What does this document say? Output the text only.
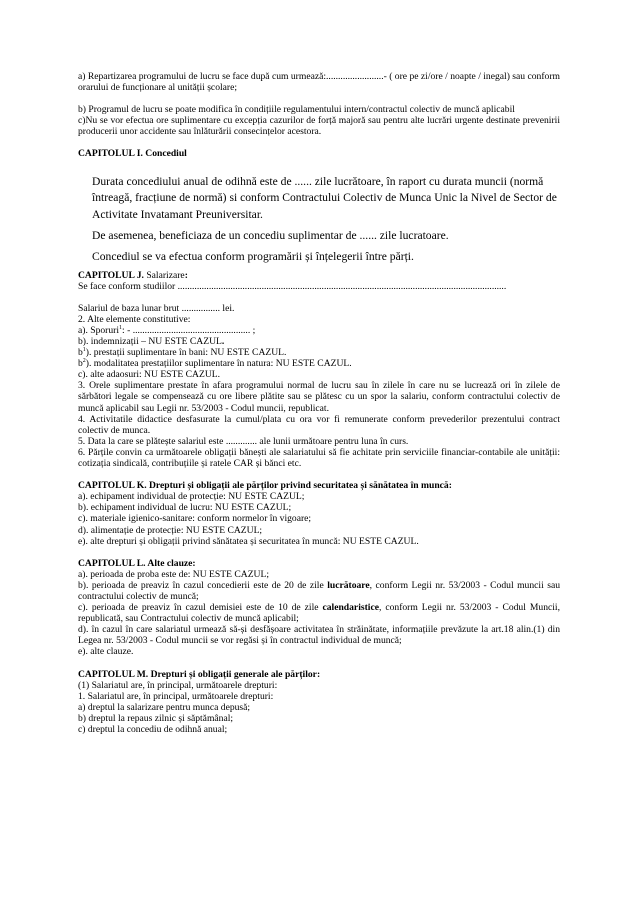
a) Repartizarea programului de lucru se face după cum urmează:........................- ( ore pe zi/ore / noapte / inegal) sau conform orarului de funcționare al unității școlare;

b) Programul de lucru se poate modifica în condițiile regulamentului intern/contractul colectiv de muncă aplicabil

c)Nu se vor efectua ore suplimentare cu excepția cazurilor de forță majoră sau pentru alte lucrări urgente destinate prevenirii producerii unor accidente sau înlăturării consecințelor acestora.

CAPITOLUL I. Concediul

Durata concediului anual de odihnă este de ...... zile lucrătoare, în raport cu durata muncii (normă întreagă, fracțiune de normă) si conform Contractului Colectiv de Munca Unic la Nivel de Sector de Activitate Invatamant Preuniversitar.

De asemenea, beneficiaza de un concediu suplimentar de ...... zile lucratoare.

Concediul se va efectua conform programării și înțelegerii între părți.

CAPITOLUL J. Salarizare:

Se face conform studiilor .........................................................................................................................................

Salariul de baza lunar brut ................ lei.

2. Alte elemente constitutive:

a). Sporuri$^1$: - ................................................. ;

b). indemnizații – NU ESTE CAZUL.

$b^1$). prestații suplimentare în bani: NU ESTE CAZUL.

$b^2$). modalitatea prestațiilor suplimentare în natura: NU ESTE CAZUL.

c). alte adaosuri: NU ESTE CAZUL.

3. Orele suplimentare prestate în afara programului normal de lucru sau în zilele în care nu se lucrează ori în zilele de sărbători legale se compensează cu ore libere plătite sau se plătesc cu un spor la salariu, conform contractului colectiv de muncă aplicabil sau Legii nr. 53/2003 - Codul muncii, republicat.

4. Activitatile didactice desfasurate la cumul/plata cu ora vor fi remunerate conform prevederilor prezentului contract colectiv de munca.

5. Data la care se plătește salariul este ............. ale lunii următoare pentru luna în curs.

6. Părțile convin ca următoarele obligații bănești ale salariatului să fie achitate prin serviciile financiar-contabile ale unității: cotizația sindicală, contribuțiile și ratele CAR și bănci etc.

CAPITOLUL K. Drepturi și obligații ale părților privind securitatea și sănătatea în muncă:

a). echipament individual de protecție: NU ESTE CAZUL;

b). echipament individual de lucru: NU ESTE CAZUL;

c). materiale igienico-sanitare: conform normelor în vigoare;

d). alimentație de protecție: NU ESTE CAZUL;

e). alte drepturi și obligații privind sănătatea și securitatea în muncă: NU ESTE CAZUL.

CAPITOLUL L. Alte clauze:

a). perioada de proba este de: NU ESTE CAZUL;

b). perioada de preaviz în cazul concedierii este de 20 de zile lucrătoare, conform Legii nr. 53/2003 - Codul muncii sau contractului colectiv de muncă;

c). perioada de preaviz în cazul demisiei este de 10 de zile calendaristice, conform Legii nr. 53/2003 - Codul Muncii, republicată, sau Contractului colectiv de muncă aplicabil;

d). în cazul în care salariatul urmează să-și desfășoare activitatea în străinătate, informațiile prevăzute la art.18 alin.(1) din Legea nr. 53/2003 - Codul muncii se vor regăsi și în contractul individual de muncă;

e). alte clauze.

CAPITOLUL M. Drepturi și obligații generale ale părților:

(1) Salariatul are, în principal, următoarele drepturi:

1. Salariatul are, în principal, următoarele drepturi:

a) dreptul la salarizare pentru munca depusă;

b) dreptul la repaus zilnic și săptămânal;

c) dreptul la concediu de odihnă anual;
